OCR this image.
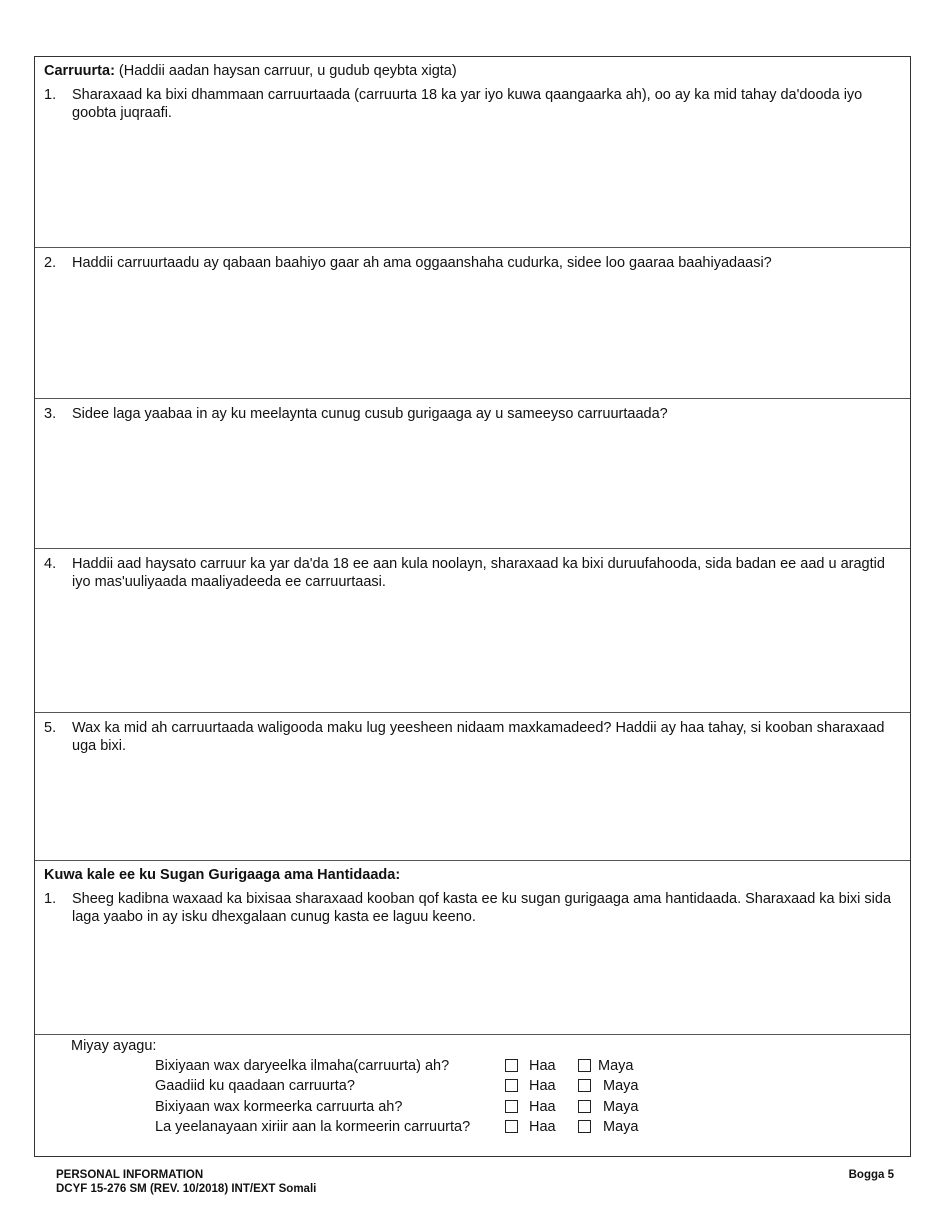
Carruurta: (Haddii aadan haysan carruur, u gudub qeybta xigta)
1.	Sharaxaad ka bixi dhammaan carruurtaada (carruurta 18 ka yar iyo kuwa qaangaarka ah), oo ay ka mid tahay da'dooda iyo goobta juqraafi.
2.	Haddii carruurtaadu ay qabaan baahiyo gaar ah ama oggaanshaha cudurka, sidee loo gaaraa baahiyadaasi?
3.	Sidee laga yaabaa in ay ku meelaynta cunug cusub gurigaaga ay u sameeyso carruurtaada?
4.	Haddii aad haysato carruur ka yar da'da 18 ee aan kula noolayn, sharaxaad ka bixi duruufahooda, sida badan ee aad u aragtid iyo mas'uuliyaada maaliyadeeda ee carruurtaasi.
5.	Wax ka mid ah carruurtaada waligooda maku lug yeesheen nidaam maxkamadeed? Haddii ay haa tahay, si kooban sharaxaad uga bixi.
Kuwa kale ee ku Sugan Gurigaaga ama Hantidaada:
1.	Sheeg kadibna waxaad ka bixisaa sharaxaad kooban qof kasta ee ku sugan gurigaaga ama hantidaada. Sharaxaad ka bixi sida laga yaabo in ay isku dhexgalaan cunug kasta ee laguu keeno.
Miyay ayagu:
Bixiyaan wax daryeelka ilmaha(carruurta) ah?	Haa	Maya
Gaadiid ku qaadaan carruurta?	Haa	Maya
Bixiyaan wax kormeerka carruurta ah?	Haa	Maya
La yeelanayaan xiriir aan la kormeerin carruurta?	Haa	Maya
PERSONAL INFORMATION
DCYF 15-276 SM (REV. 10/2018) INT/EXT Somali
Bogga 5
